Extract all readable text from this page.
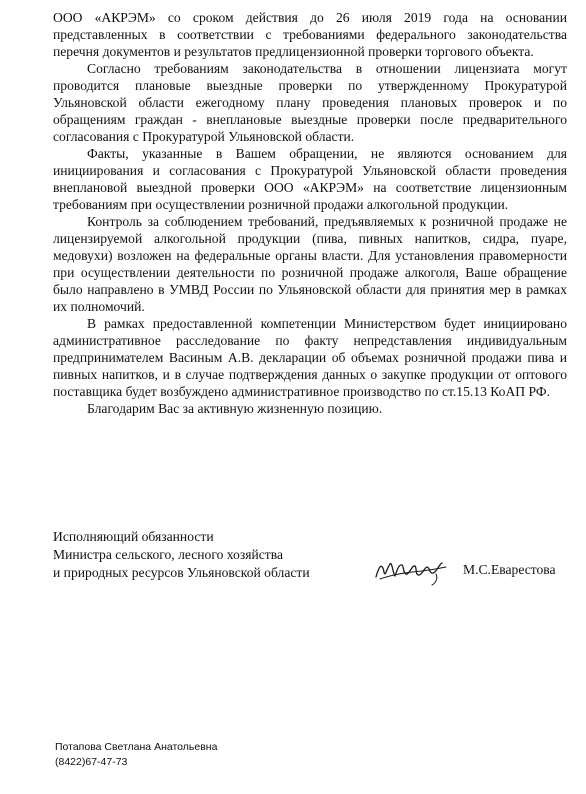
ООО «АКРЭМ» со сроком действия до 26 июля 2019 года на основании представленных в соответствии с требованиями федерального законодательства перечня документов и результатов предлицензионной проверки торгового объекта.

Согласно требованиям законодательства в отношении лицензиата могут проводится плановые выездные проверки по утвержденному Прокуратурой Ульяновской области ежегодному плану проведения плановых проверок и по обращениям граждан - внеплановые выездные проверки после предварительного согласования с Прокуратурой Ульяновской области.

Факты, указанные в Вашем обращении, не являются основанием для инициирования и согласования с Прокуратурой Ульяновской области проведения внеплановой выездной проверки ООО «АКРЭМ» на соответствие лицензионным требованиям при осуществлении розничной продажи алкогольной продукции.

Контроль за соблюдением требований, предъявляемых к розничной продаже не лицензируемой алкогольной продукции (пива, пивных напитков, сидра, пуаре, медовухи) возложен на федеральные органы власти. Для установления правомерности при осуществлении деятельности по розничной продаже алкоголя, Ваше обращение было направлено в УМВД России по Ульяновской области для принятия мер в рамках их полномочий.

В рамках предоставленной компетенции Министерством будет инициировано административное расследование по факту непредставления индивидуальным предпринимателем Васиным А.В. декларации об объемах розничной продажи пива и пивных напитков, и в случае подтверждения данных о закупке продукции от оптового поставщика будет возбуждено административное производство по ст.15.13 КоАП РФ.

Благодарим Вас за активную жизненную позицию.

Исполняющий обязанности
Министра сельского, лесного хозяйства
и природных ресурсов Ульяновской области	М.С.Еварестова
Потапова Светлана Анатольевна
(8422)67-47-73
